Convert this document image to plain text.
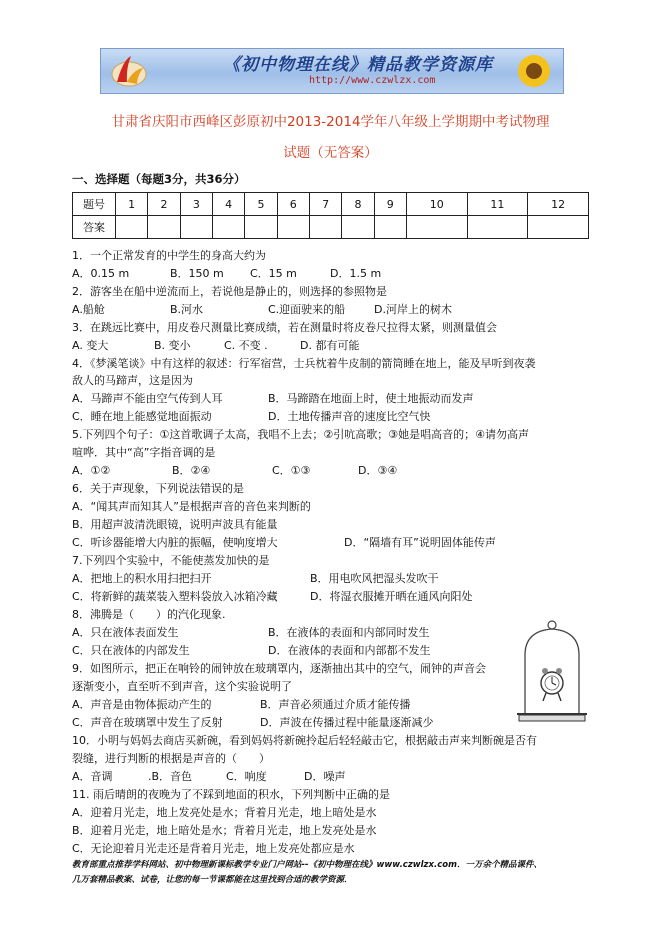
《初中物理在线》精品教学资源库
http://www.czwlzx.com
甘肃省庆阳市西峰区彭原初中2013-2014学年八年级上学期期中考试物理
试题（无答案）
一、选择题（每题3分，共36分）
题号	1	2	3	4	5	6	7	8	9	10	11	12
答案												
1．一个正常发育的中学生的身高大约为
A．0.15 m	B．150 m C．15 m	D．1.5 m
2．游客坐在船中逆流而上，若说他是静止的，则选择的参照物是
A.船舱	B.河水	C.迎面驶来的船	D.河岸上的树木
3．在跳远比赛中，用皮卷尺测量比赛成绩，若在测量时将皮卷尺拉得太紧，则测量值会
A. 变大	B. 变小	C. 不变 .	D. 都有可能
4．《梦溪笔谈》中有这样的叙述：行军宿营，士兵枕着牛皮制的箭筒睡在地上，能及早听到夜袭
敌人的马蹄声，这是因为
A．马蹄声不能由空气传到人耳	B．马蹄踏在地面上时，使土地振动而发声
C．睡在地上能感觉地面振动	D．土地传播声音的速度比空气快
5.下列四个句子：①这首歌调子太高，我唱不上去；②引吭高歌；③她是唱高音的；④请勿高声
喧哗．其中“高”字指音调的是
A．①②	B．②④	C．①③	D．③④
6．关于声现象，下列说法错误的是
A．“闻其声而知其人”是根据声音的音色来判断的
B．用超声波清洗眼镜，说明声波具有能量
C．听诊器能增大内脏的振幅，使响度增大	D．“隔墙有耳”说明固体能传声
7.下列四个实验中，不能使蒸发加快的是
A．把地上的积水用扫把扫开	B．用电吹风把湿头发吹干
C．将新鲜的蔬菜装入塑料袋放入冰箱冷藏	D．将湿衣服摊开晒在通风向阳处
8．沸腾是（　　）的汽化现象.
A．只在液体表面发生	B．在液体的表面和内部同时发生
C．只在液体的内部发生	D．在液体的表面和内部都不发生
9．如图所示，把正在响铃的闹钟放在玻璃罩内，逐渐抽出其中的空气，闹钟的声音会
逐渐变小，直至听不到声音，这个实验说明了
A．声音是由物体振动产生的	B．声音必须通过介质才能传播
C．声音在玻璃罩中发生了反射	D．声波在传播过程中能量逐渐减少
10．小明与妈妈去商店买新碗，看到妈妈将新碗拎起后轻轻敲击它，根据敲击声来判断碗是否有
裂缝，进行判断的根据是声音的（　　）
A．音调	.B．音色	C．响度	D．噪声
11. 雨后晴朗的夜晚为了不踩到地面的积水，下列判断中正确的是
A．迎着月光走，地上发亮处是水；背着月光走，地上暗处是水
B．迎着月光走，地上暗处是水；背着月光走，地上发亮处是水
C．无论迎着月光走还是背着月光走，地上发亮处都应是水
教育部重点推荐学科网站、初中物理新课标教学专业门户网站--《初中物理在线》www.czwlzx.com．一万余个精品课件、
几万套精品教案、试卷，让您的每一节课都能在这里找到合适的教学资源．
